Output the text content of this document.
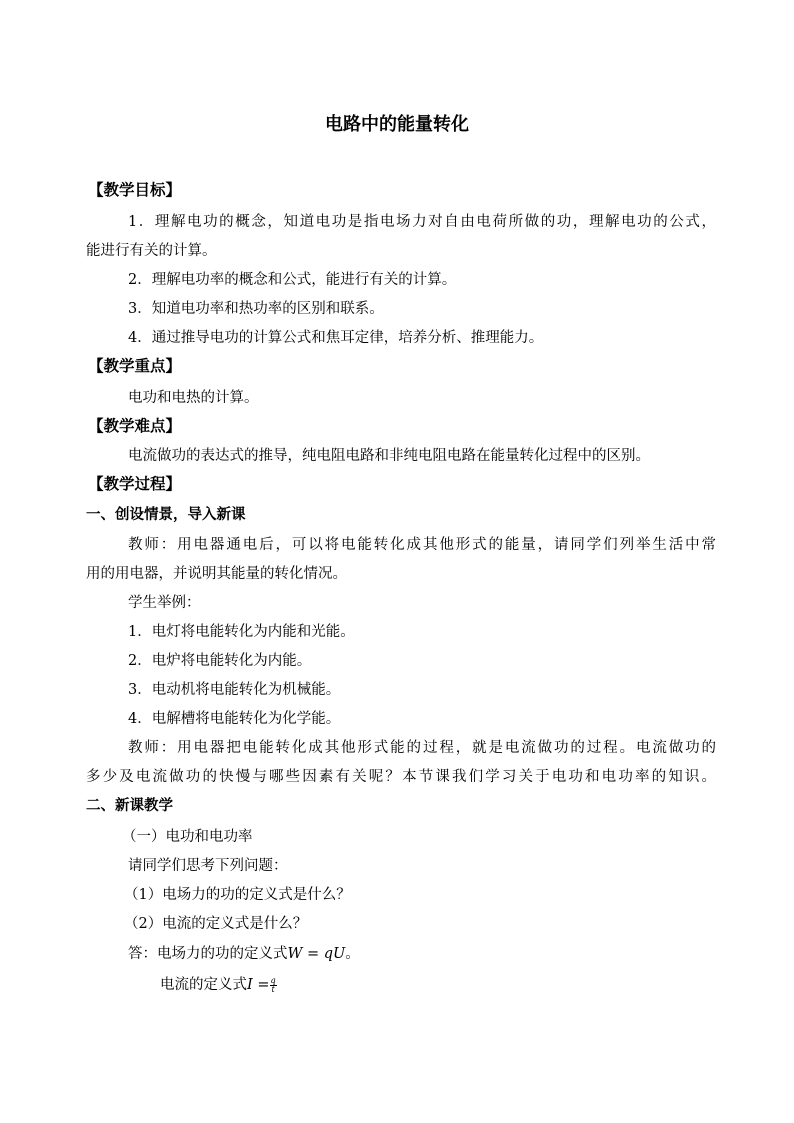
电路中的能量转化
【教学目标】
1．理解电功的概念，知道电功是指电场力对自由电荷所做的功，理解电功的公式，
能进行有关的计算。
2．理解电功率的概念和公式，能进行有关的计算。
3．知道电功率和热功率的区别和联系。
4．通过推导电功的计算公式和焦耳定律，培养分析、推理能力。
【教学重点】
电功和电热的计算。
【教学难点】
电流做功的表达式的推导，纯电阻电路和非纯电阻电路在能量转化过程中的区别。
【教学过程】
一、创设情景，导入新课
教师：用电器通电后，可以将电能转化成其他形式的能量，请同学们列举生活中常
用的用电器，并说明其能量的转化情况。
学生举例：
1．电灯将电能转化为内能和光能。
2．电炉将电能转化为内能。
3．电动机将电能转化为机械能。
4．电解槽将电能转化为化学能。
教师：用电器把电能转化成其他形式能的过程，就是电流做功的过程。电流做功的
多少及电流做功的快慢与哪些因素有关呢？本节课我们学习关于电功和电功率的知识。
二、新课教学
（一）电功和电功率
请同学们思考下列问题：
（1）电场力的功的定义式是什么？
（2）电流的定义式是什么？
答：电场力的功的定义式W = qU。
电流的定义式$I = \frac{q}{t}$
